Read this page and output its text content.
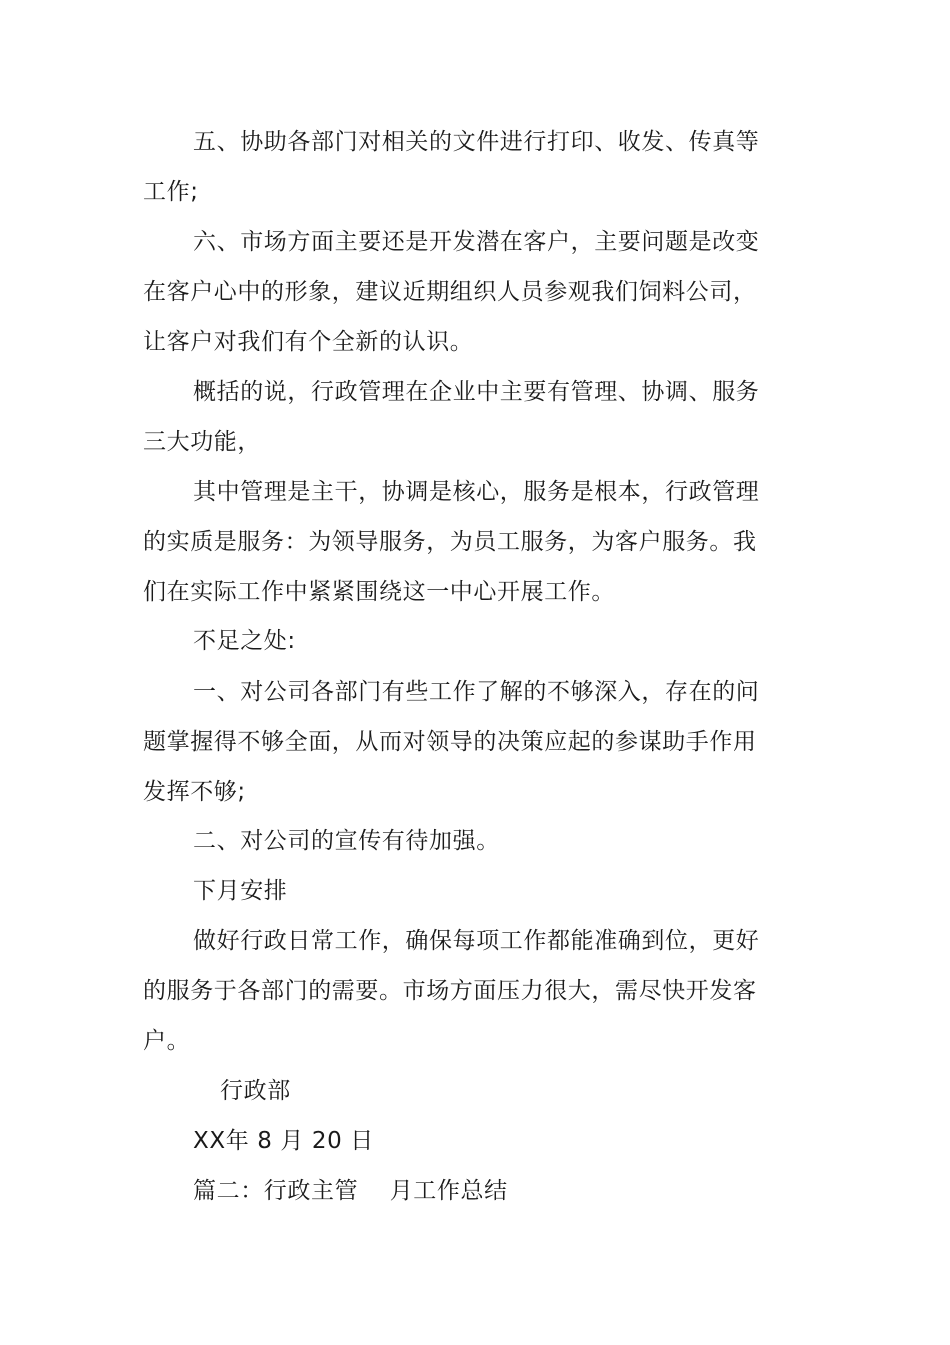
五、协助各部门对相关的文件进行打印、收发、传真等
工作;
六、市场方面主要还是开发潜在客户，主要问题是改变
在客户心中的形象，建议近期组织人员参观我们饲料公司，
让客户对我们有个全新的认识。
概括的说，行政管理在企业中主要有管理、协调、服务
三大功能，
其中管理是主干，协调是核心，服务是根本，行政管理
的实质是服务：为领导服务，为员工服务，为客户服务。我
们在实际工作中紧紧围绕这一中心开展工作。
不足之处:
一、对公司各部门有些工作了解的不够深入，存在的问
题掌握得不够全面，从而对领导的决策应起的参谋助手作用
发挥不够;
二、对公司的宣传有待加强。
下月安排
做好行政日常工作，确保每项工作都能准确到位，更好
的服务于各部门的需要。市场方面压力很大，需尽快开发客
户。
行政部
XX年 8 月 20 日
篇二：行政主管　 月工作总结
